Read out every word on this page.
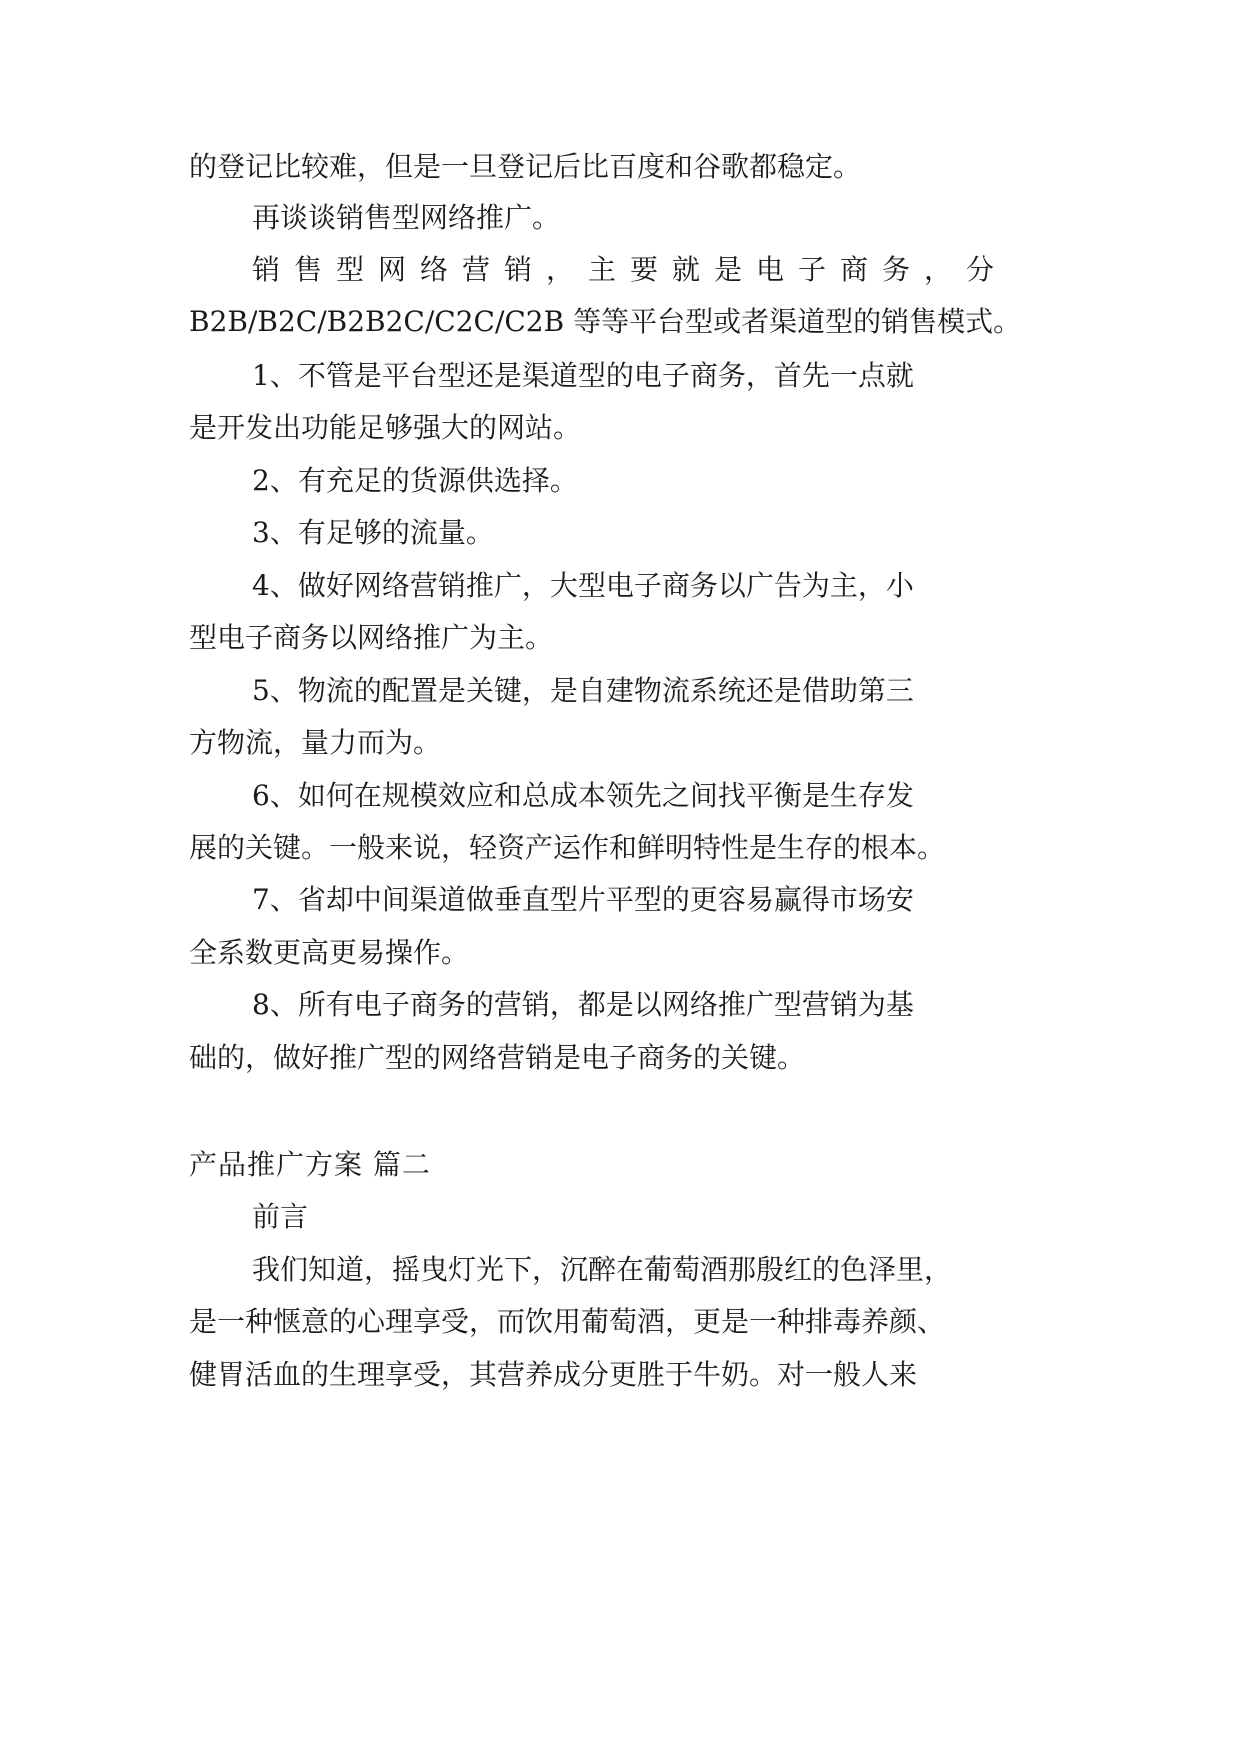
的登记比较难，但是一旦登记后比百度和谷歌都稳定。
再谈谈销售型网络推广。
销售型网络营销，主要就是电子商务，分
B2B/B2C/B2B2C/C2C/C2B 等等平台型或者渠道型的销售模式。
1、不管是平台型还是渠道型的电子商务，首先一点就
是开发出功能足够强大的网站。
2、有充足的货源供选择。
3、有足够的流量。
4、做好网络营销推广，大型电子商务以广告为主，小
型电子商务以网络推广为主。
5、物流的配置是关键，是自建物流系统还是借助第三
方物流，量力而为。
6、如何在规模效应和总成本领先之间找平衡是生存发
展的关键。一般来说，轻资产运作和鲜明特性是生存的根本。
7、省却中间渠道做垂直型片平型的更容易赢得市场安
全系数更高更易操作。
8、所有电子商务的营销，都是以网络推广型营销为基
础的，做好推广型的网络营销是电子商务的关键。
产品推广方案 篇二
前言
我们知道，摇曳灯光下，沉醉在葡萄酒那殷红的色泽里，
是一种惬意的心理享受，而饮用葡萄酒，更是一种排毒养颜、
健胃活血的生理享受，其营养成分更胜于牛奶。对一般人来
